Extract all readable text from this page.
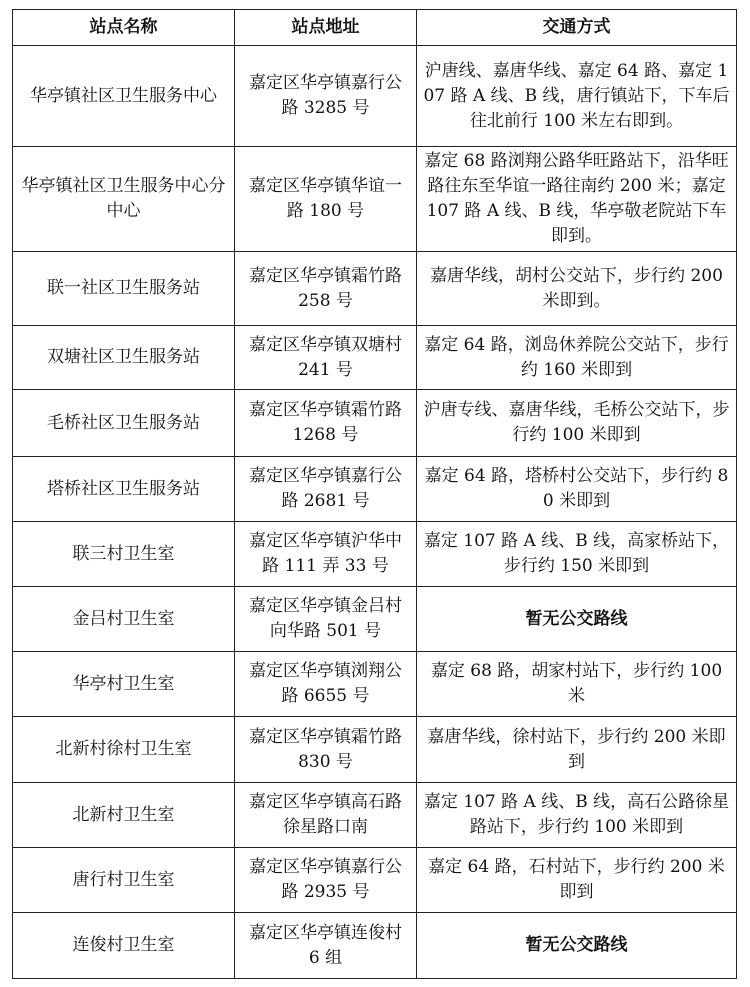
站点名称	站点地址	交通方式
华亭镇社区卫生服务中心	嘉定区华亭镇嘉行公路 3285 号	沪唐线、嘉唐华线、嘉定 64 路、嘉定 107 路 A 线、B 线，唐行镇站下，下车后往北前行 100 米左右即到。
华亭镇社区卫生服务中心分中心	嘉定区华亭镇华谊一路 180 号	嘉定 68 路浏翔公路华旺路站下，沿华旺路往东至华谊一路往南约 200 米；嘉定 107 路 A 线、B 线，华亭敬老院站下车即到。
联一社区卫生服务站	嘉定区华亭镇霜竹路 258 号	嘉唐华线，胡村公交站下，步行约 200 米即到。
双塘社区卫生服务站	嘉定区华亭镇双塘村 241 号	嘉定 64 路，浏岛休养院公交站下，步行约 160 米即到
毛桥社区卫生服务站	嘉定区华亭镇霜竹路 1268 号	沪唐专线、嘉唐华线，毛桥公交站下，步行约 100 米即到
塔桥社区卫生服务站	嘉定区华亭镇嘉行公路 2681 号	嘉定 64 路，塔桥村公交站下，步行约 80 米即到
联三村卫生室	嘉定区华亭镇沪华中路 111 弄 33 号	嘉定 107 路 A 线、B 线，高家桥站下，步行约 150 米即到
金吕村卫生室	嘉定区华亭镇金吕村向华路 501 号	暂无公交路线
华亭村卫生室	嘉定区华亭镇浏翔公路 6655 号	嘉定 68 路，胡家村站下，步行约 100 米
北新村徐村卫生室	嘉定区华亭镇霜竹路 830 号	嘉唐华线，徐村站下，步行约 200 米即到
北新村卫生室	嘉定区华亭镇高石路徐星路口南	嘉定 107 路 A 线、B 线，高石公路徐星路站下，步行约 100 米即到
唐行村卫生室	嘉定区华亭镇嘉行公路 2935 号	嘉定 64 路，石村站下，步行约 200 米即到
连俊村卫生室	嘉定区华亭镇连俊村 6 组	暂无公交路线
